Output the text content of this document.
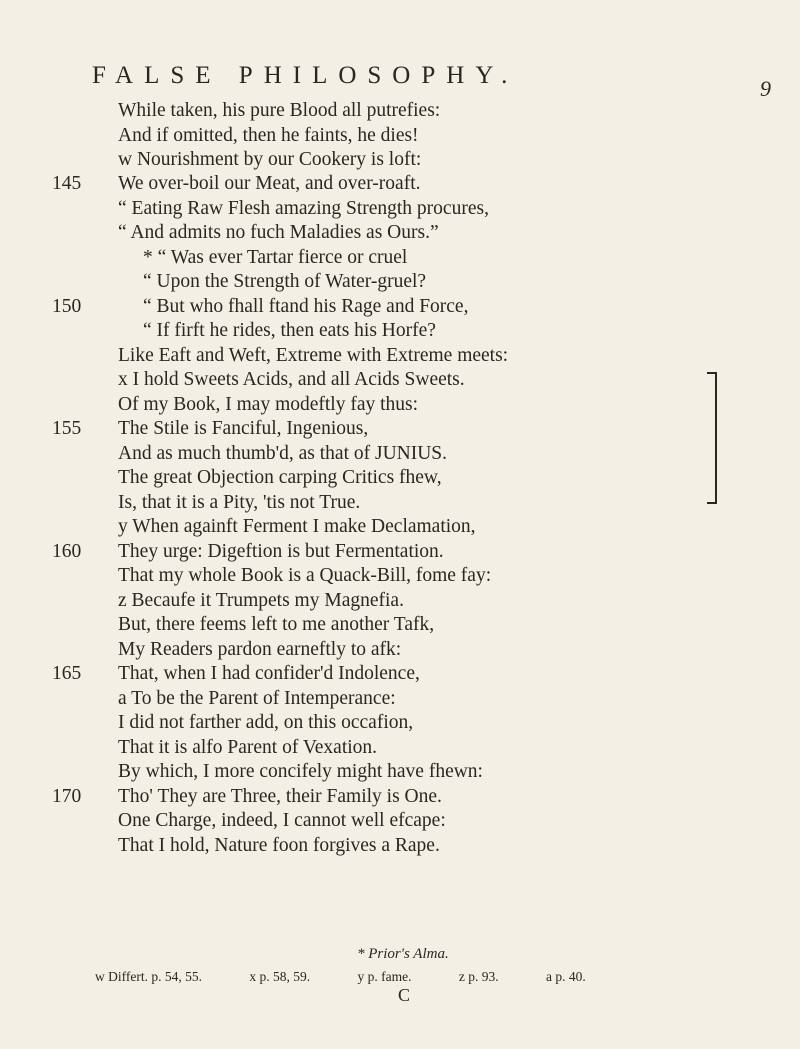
FALSE PHILOSOPHY.	9
While taken, his pure Blood all putrefies:
And if omitted, then he faints, he dies!
w Nourishment by our Cookery is loft:
We over-boil our Meat, and over-roaft.
“ Eating Raw Flesh amazing Strength procures,
“ And admits no fuch Maladies as Ours.”
* “ Was ever Tartar fierce or cruel
“ Upon the Strength of Water-gruel?
“ But who fhall ftand his Rage and Force,
“ If firft he rides, then eats his Horfe?
Like Eaft and Weft, Extreme with Extreme meets:
x I hold Sweets Acids, and all Acids Sweets.
Of my Book, I may modeftly fay thus:
The Stile is Fanciful, Ingenious,
And as much thumb'd, as that of JUNIUS.
The great Objection carping Critics fhew,
Is, that it is a Pity, 'tis not True.
y When againft Ferment I make Declamation,
They urge: Digeftion is but Fermentation.
That my whole Book is a Quack-Bill, fome fay:
z Becaufe it Trumpets my Magnefia.
But, there feems left to me another Tafk,
My Readers pardon earneftly to afk:
That, when I had confider'd Indolence,
a To be the Parent of Intemperance:
I did not farther add, on this occafion,
That it is alfo Parent of Vexation.
By which, I more concifely might have fhewn:
Tho' They are Three, their Family is One.
One Charge, indeed, I cannot well efcape:
That I hold, Nature foon forgives a Rape.
145
150
155
160
165
170
* Prior's Alma.
w Differt. p. 54, 55.	x p. 58, 59.	y p. fame.	z p. 93.	a p. 40.
C
